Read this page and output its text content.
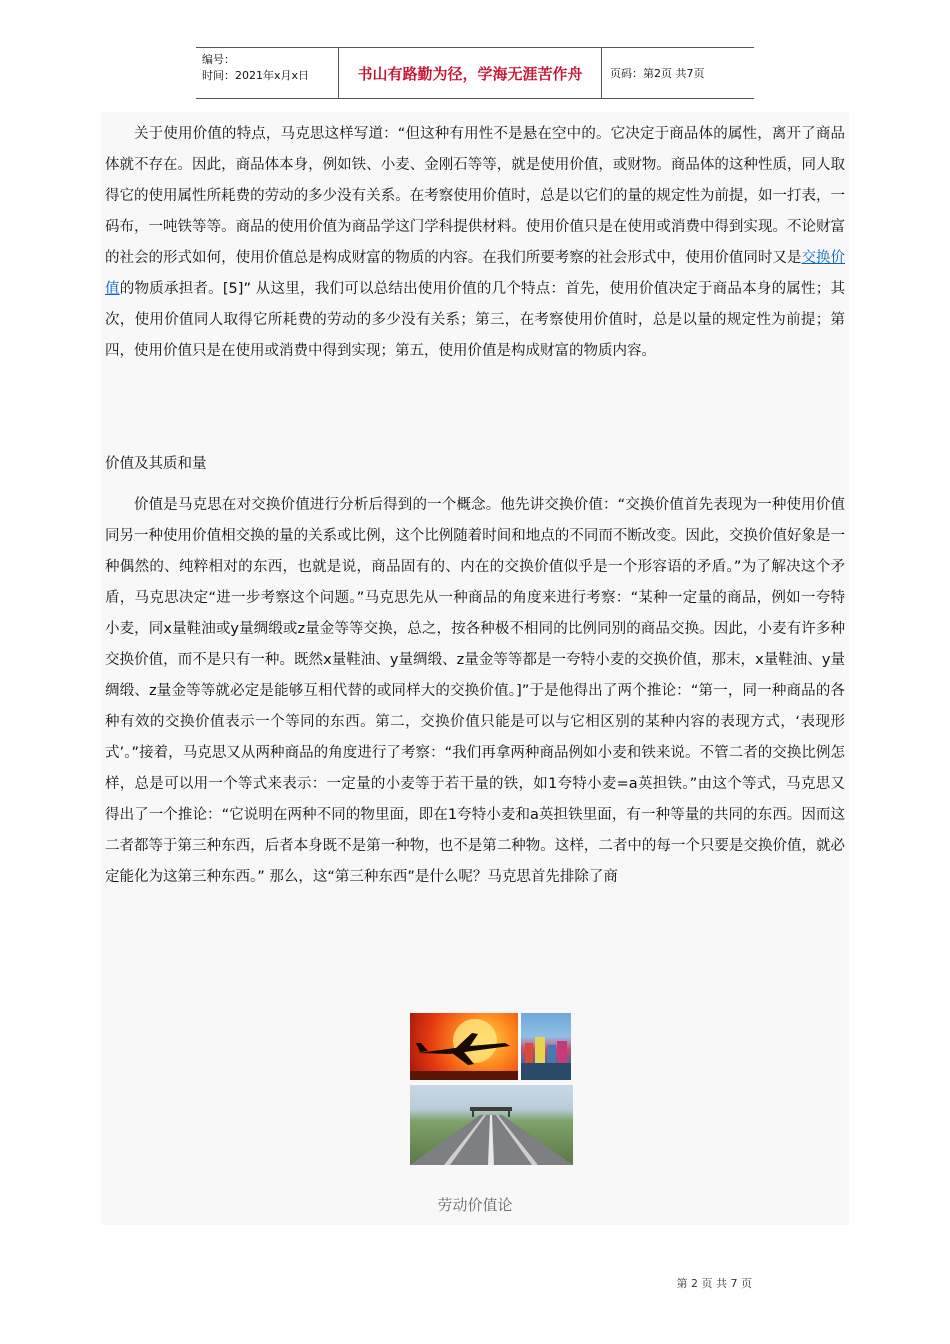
编号：
时间：2021年x月x日	书山有路勤为径，学海无涯苦作舟	页码：第2页 共7页

关于使用价值的特点，马克思这样写道：“但这种有用性不是悬在空中的。它决定于商品体的属性，离开了商品体就不存在。因此，商品体本身，例如铁、小麦、金刚石等等，就是使用价值，或财物。商品体的这种性质，同人取得它的使用属性所耗费的劳动的多少没有关系。在考察使用价值时，总是以它们的量的规定性为前提，如一打表，一码布，一吨铁等等。商品的使用价值为商品学这门学科提供材料。使用价值只是在使用或消费中得到实现。不论财富的社会的形式如何，使用价值总是构成财富的物质的内容。在我们所要考察的社会形式中，使用价值同时又是交换价值的物质承担者。[5]” 从这里，我们可以总结出使用价值的几个特点：首先，使用价值决定于商品本身的属性；其次，使用价值同人取得它所耗费的劳动的多少没有关系；第三，在考察使用价值时，总是以量的规定性为前提；第四，使用价值只是在使用或消费中得到实现；第五，使用价值是构成财富的物质内容。

价值及其质和量

价值是马克思在对交换价值进行分析后得到的一个概念。他先讲交换价值：“交换价值首先表现为一种使用价值同另一种使用价值相交换的量的关系或比例，这个比例随着时间和地点的不同而不断改变。因此，交换价值好象是一种偶然的、纯粹相对的东西，也就是说，商品固有的、内在的交换价值似乎是一个形容语的矛盾。”为了解决这个矛盾，马克思决定“进一步考察这个问题。”马克思先从一种商品的角度来进行考察：“某种一定量的商品，例如一夸特小麦，同x量鞋油或y量绸缎或z量金等等交换，总之，按各种极不相同的比例同别的商品交换。因此，小麦有许多种交换价值，而不是只有一种。既然x量鞋油、y量绸缎、z量金等等都是一夸特小麦的交换价值，那末，x量鞋油、y量绸缎、z量金等等就必定是能够互相代替的或同样大的交换价值。]”于是他得出了两个推论：“第一，同一种商品的各种有效的交换价值表示一个等同的东西。第二，交换价值只能是可以与它相区别的某种内容的表现方式，‘表现形式’。”接着，马克思又从两种商品的角度进行了考察：“我们再拿两种商品例如小麦和铁来说。不管二者的交换比例怎样，总是可以用一个等式来表示：一定量的小麦等于若干量的铁，如1夸特小麦=a英担铁。”由这个等式，马克思又得出了一个推论：“它说明在两种不同的物里面，即在1夸特小麦和a英担铁里面，有一种等量的共同的东西。因而这二者都等于第三种东西，后者本身既不是第一种物，也不是第二种物。这样，二者中的每一个只要是交换价值，就必定能化为这第三种东西。” 那么，这“第三种东西”是什么呢？马克思首先排除了商

劳动价值论
第 2 页 共 7 页
